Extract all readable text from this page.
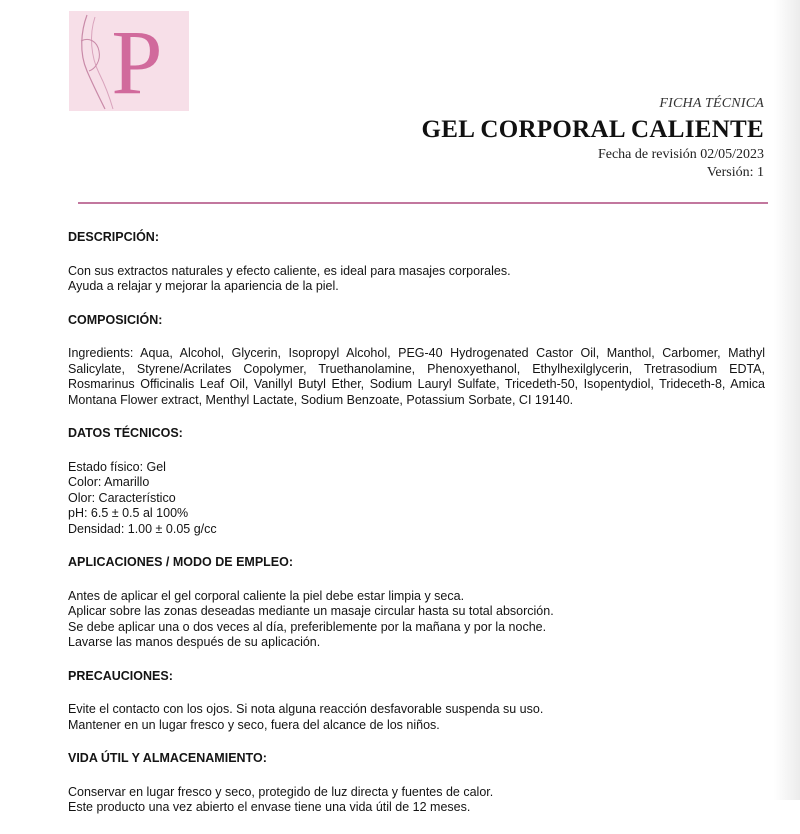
P	FICHA TÉCNICA
GEL CORPORAL CALIENTE
Fecha de revisión 02/05/2023
Versión: 1
DESCRIPCIÓN:

Con sus extractos naturales y efecto caliente, es ideal para masajes corporales.
Ayuda a relajar y mejorar la apariencia de la piel.

COMPOSICIÓN:

Ingredients: Aqua, Alcohol, Glycerin, Isopropyl Alcohol, PEG-40 Hydrogenated Castor Oil, Manthol, Carbomer, Mathyl Salicylate, Styrene/Acrilates Copolymer, Truethanolamine, Phenoxyethanol, Ethylhexilglycerin, Tretrasodium EDTA, Rosmarinus Officinalis Leaf Oil, Vanillyl Butyl Ether, Sodium Lauryl Sulfate, Tricedeth-50, Isopentydiol, Trideceth-8, Amica Montana Flower extract, Menthyl Lactate, Sodium Benzoate, Potassium Sorbate, CI 19140.

DATOS TÉCNICOS:

Estado físico: Gel
Color: Amarillo
Olor: Característico
pH: 6.5 ± 0.5 al 100%
Densidad: 1.00 ± 0.05 g/cc

APLICACIONES / MODO DE EMPLEO:

Antes de aplicar el gel corporal caliente la piel debe estar limpia y seca.
Aplicar sobre las zonas deseadas mediante un masaje circular hasta su total absorción.
Se debe aplicar una o dos veces al día, preferiblemente por la mañana y por la noche.
Lavarse las manos después de su aplicación.

PRECAUCIONES:

Evite el contacto con los ojos. Si nota alguna reacción desfavorable suspenda su uso.
Mantener en un lugar fresco y seco, fuera del alcance de los niños.

VIDA ÚTIL Y ALMACENAMIENTO:

Conservar en lugar fresco y seco, protegido de luz directa y fuentes de calor.
Este producto una vez abierto el envase tiene una vida útil de 12 meses.
